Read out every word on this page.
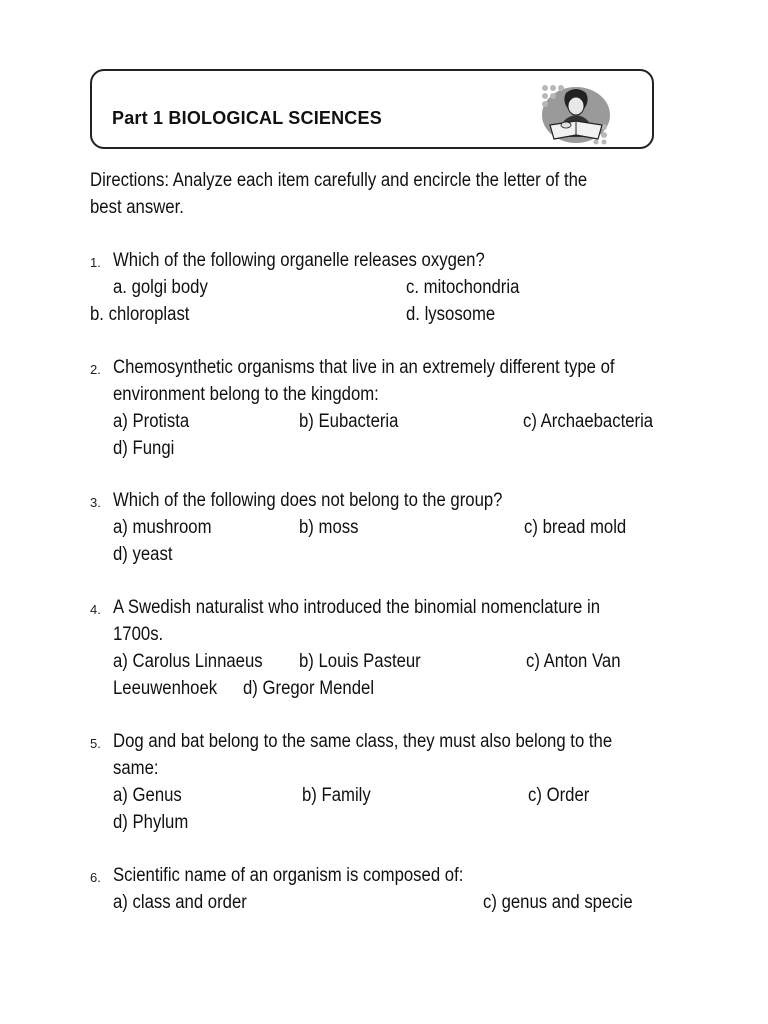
Part 1 BIOLOGICAL SCIENCES
Directions: Analyze each item carefully and encircle the letter of the
best answer.
1. Which of the following organelle releases oxygen?
a. golgi body	c. mitochondria
b. chloroplast	d. lysosome
2. Chemosynthetic organisms that live in an extremely different type of
environment belong to the kingdom:
a) Protista	b) Eubacteria	c) Archaebacteria
d) Fungi
3. Which of the following does not belong to the group?
a) mushroom	b) moss	c) bread mold
d) yeast
4. A Swedish naturalist who introduced the binomial nomenclature in
1700s.
a) Carolus Linnaeus b) Louis Pasteur	c) Anton Van
Leeuwenhoek d) Gregor Mendel
5. Dog and bat belong to the same class, they must also belong to the
same:
a) Genus	b) Family	c) Order
d) Phylum
6. Scientific name of an organism is composed of:
a) class and order	c) genus and specie
